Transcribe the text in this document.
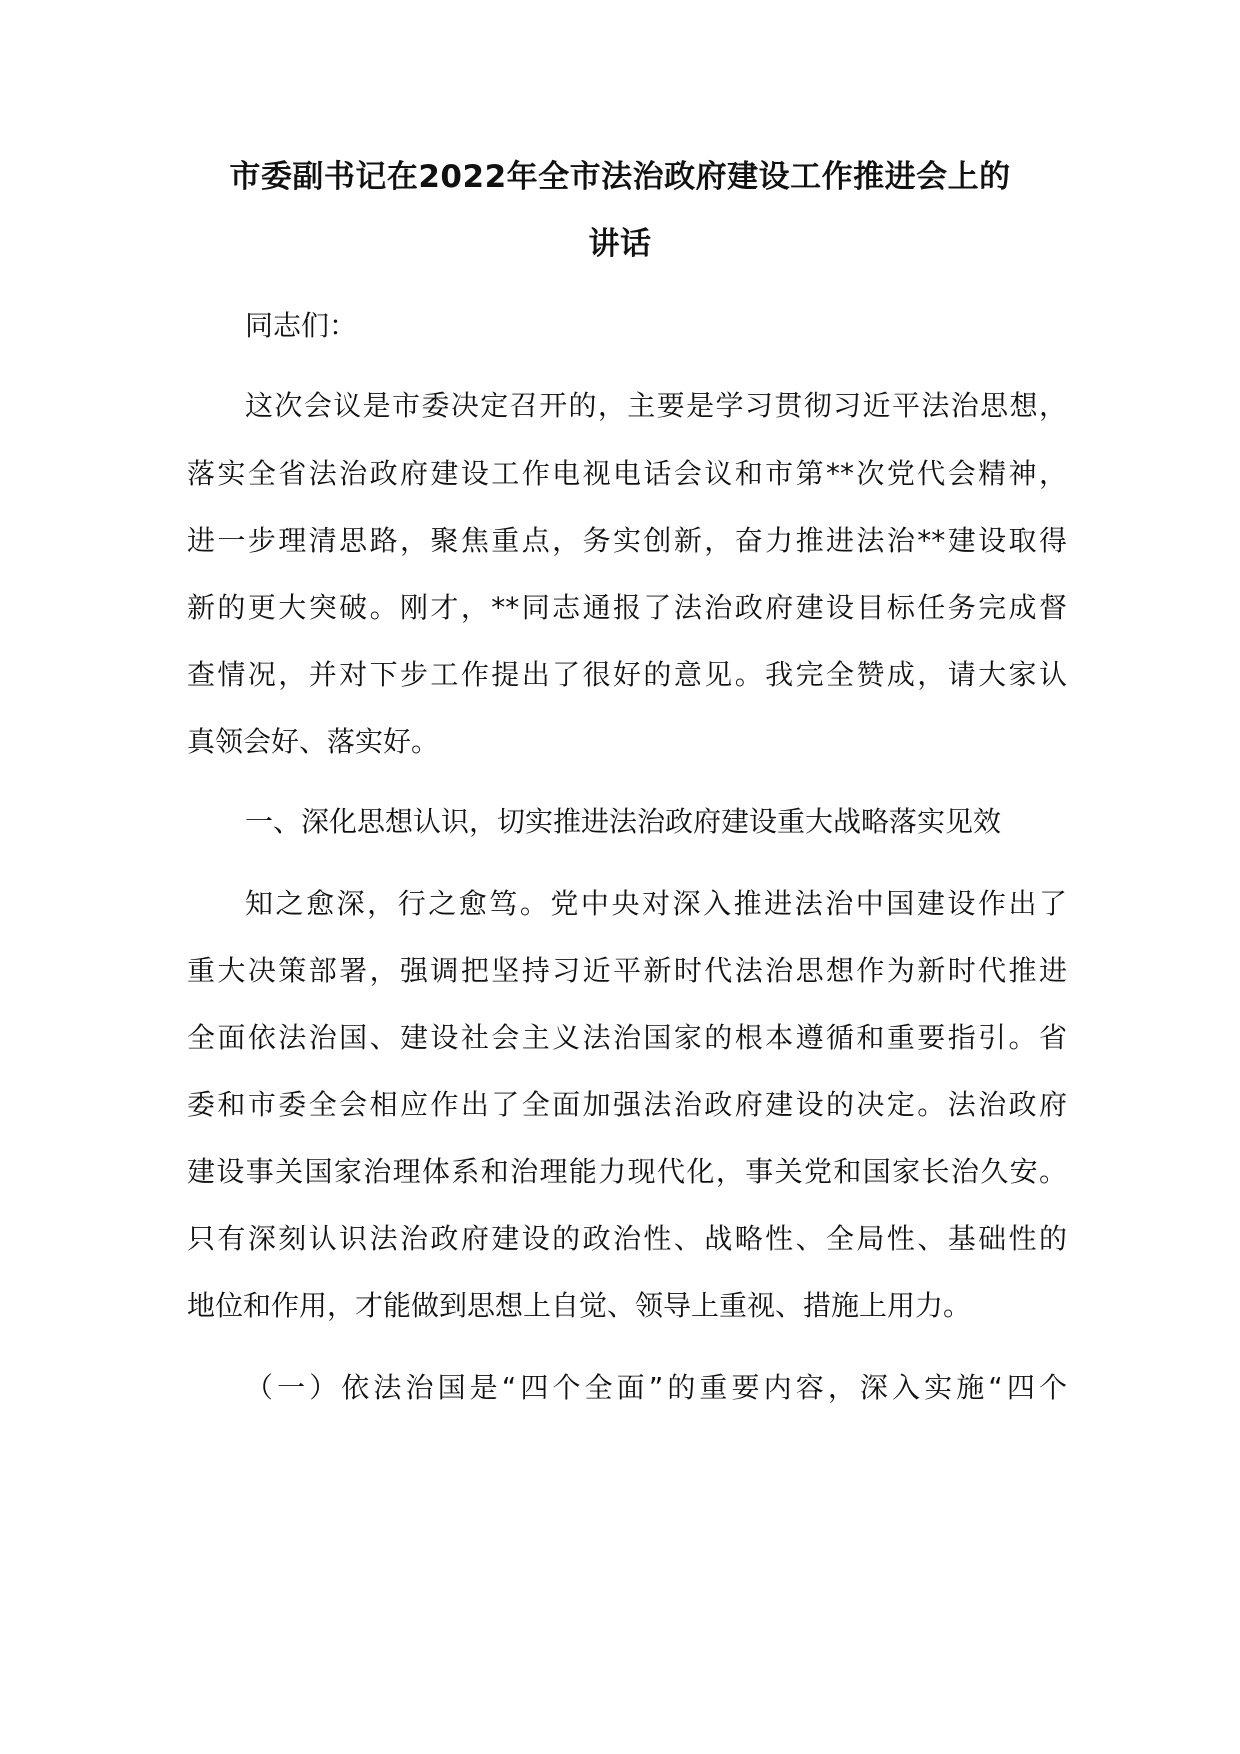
市委副书记在2022年全市法治政府建设工作推进会上的
讲话
同志们：
这次会议是市委决定召开的，主要是学习贯彻习近平法治思想，
落实全省法治政府建设工作电视电话会议和市第**次党代会精神，
进一步理清思路，聚焦重点，务实创新，奋力推进法治**建设取得
新的更大突破。刚才，**同志通报了法治政府建设目标任务完成督
查情况，并对下步工作提出了很好的意见。我完全赞成，请大家认
真领会好、落实好。
一、深化思想认识，切实推进法治政府建设重大战略落实见效
知之愈深，行之愈笃。党中央对深入推进法治中国建设作出了
重大决策部署，强调把坚持习近平新时代法治思想作为新时代推进
全面依法治国、建设社会主义法治国家的根本遵循和重要指引。省
委和市委全会相应作出了全面加强法治政府建设的决定。法治政府
建设事关国家治理体系和治理能力现代化，事关党和国家长治久安。
只有深刻认识法治政府建设的政治性、战略性、全局性、基础性的
地位和作用，才能做到思想上自觉、领导上重视、措施上用力。
（一）依法治国是“四个全面”的重要内容，深入实施“四个
